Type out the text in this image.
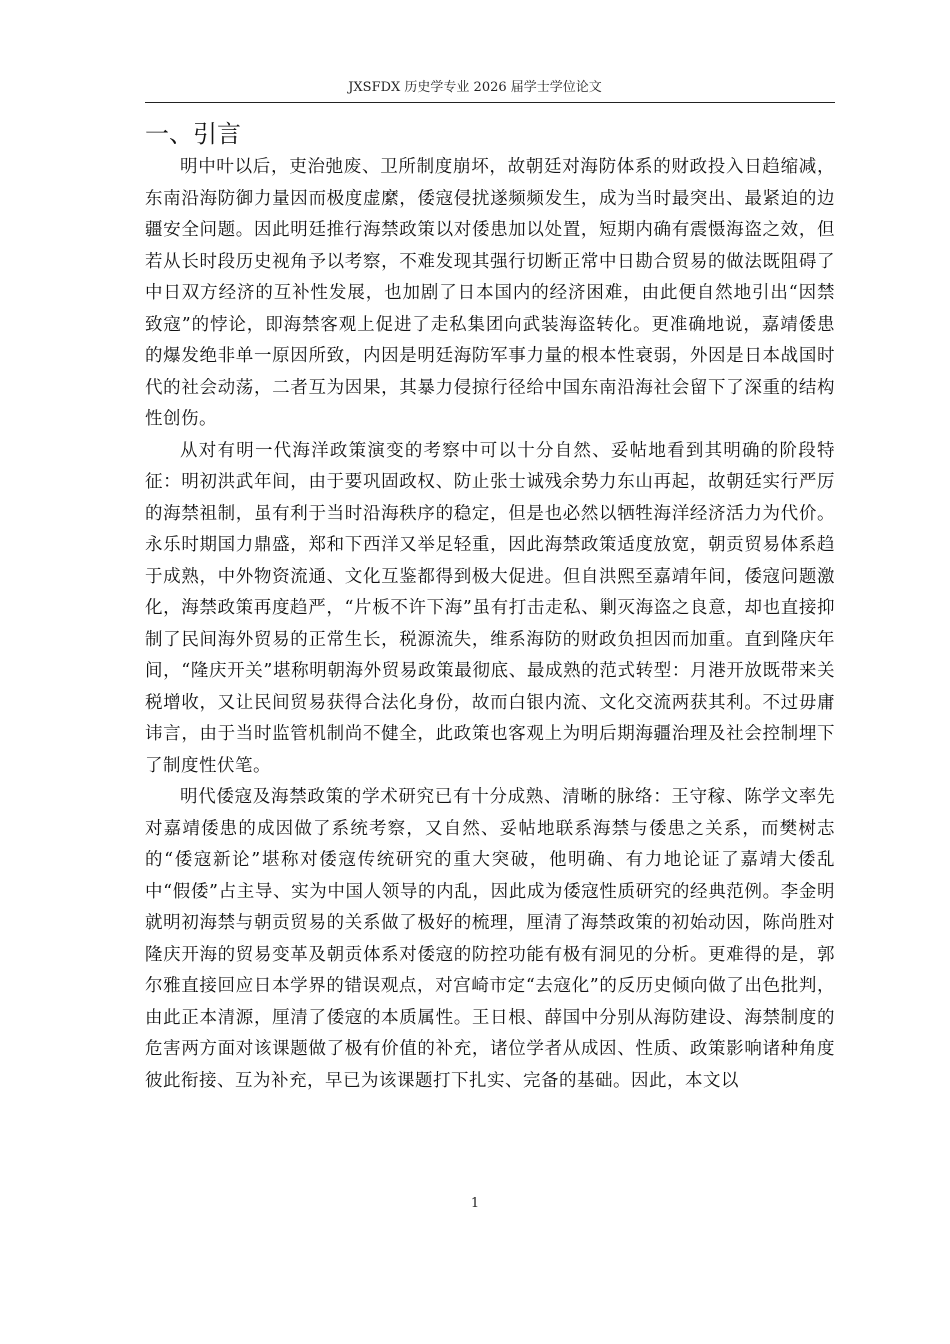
JXSFDX 历史学专业 2026 届学士学位论文
一、引言

明中叶以后，吏治弛废、卫所制度崩坏，故朝廷对海防体系的财政投入日趋缩减，东南沿海防御力量因而极度虚縻，倭寇侵扰遂频频发生，成为当时最突出、最紧迫的边疆安全问题。因此明廷推行海禁政策以对倭患加以处置，短期内确有震慑海盗之效，但若从长时段历史视角予以考察，不难发现其强行切断正常中日勘合贸易的做法既阻碍了中日双方经济的互补性发展，也加剧了日本国内的经济困难，由此便自然地引出“因禁致寇”的悖论，即海禁客观上促进了走私集团向武装海盗转化。更准确地说，嘉靖倭患的爆发绝非单一原因所致，内因是明廷海防军事力量的根本性衰弱，外因是日本战国时代的社会动荡，二者互为因果，其暴力侵掠行径给中国东南沿海社会留下了深重的结构性创伤。

从对有明一代海洋政策演变的考察中可以十分自然、妥帖地看到其明确的阶段特征：明初洪武年间，由于要巩固政权、防止张士诚残余势力东山再起，故朝廷实行严厉的海禁祖制，虽有利于当时沿海秩序的稳定，但是也必然以牺牲海洋经济活力为代价。永乐时期国力鼎盛，郑和下西洋又举足轻重，因此海禁政策适度放宽，朝贡贸易体系趋于成熟，中外物资流通、文化互鉴都得到极大促进。但自洪熙至嘉靖年间，倭寇问题激化，海禁政策再度趋严，“片板不许下海”虽有打击走私、剿灭海盗之良意，却也直接抑制了民间海外贸易的正常生长，税源流失，维系海防的财政负担因而加重。直到隆庆年间，“隆庆开关”堪称明朝海外贸易政策最彻底、最成熟的范式转型：月港开放既带来关税增收，又让民间贸易获得合法化身份，故而白银内流、文化交流两获其利。不过毋庸讳言，由于当时监管机制尚不健全，此政策也客观上为明后期海疆治理及社会控制埋下了制度性伏笔。

明代倭寇及海禁政策的学术研究已有十分成熟、清晰的脉络：王守稼、陈学文率先对嘉靖倭患的成因做了系统考察，又自然、妥帖地联系海禁与倭患之关系，而樊树志的“倭寇新论”堪称对倭寇传统研究的重大突破，他明确、有力地论证了嘉靖大倭乱中“假倭”占主导、实为中国人领导的内乱，因此成为倭寇性质研究的经典范例。李金明就明初海禁与朝贡贸易的关系做了极好的梳理，厘清了海禁政策的初始动因，陈尚胜对隆庆开海的贸易变革及朝贡体系对倭寇的防控功能有极有洞见的分析。更难得的是，郭尔雅直接回应日本学界的错误观点，对宫崎市定“去寇化”的反历史倾向做了出色批判，由此正本清源，厘清了倭寇的本质属性。王日根、薛国中分别从海防建设、海禁制度的危害两方面对该课题做了极有价值的补充，诸位学者从成因、性质、政策影响诸种角度彼此衔接、互为补充，早已为该课题打下扎实、完备的基础。因此，本文以

1
